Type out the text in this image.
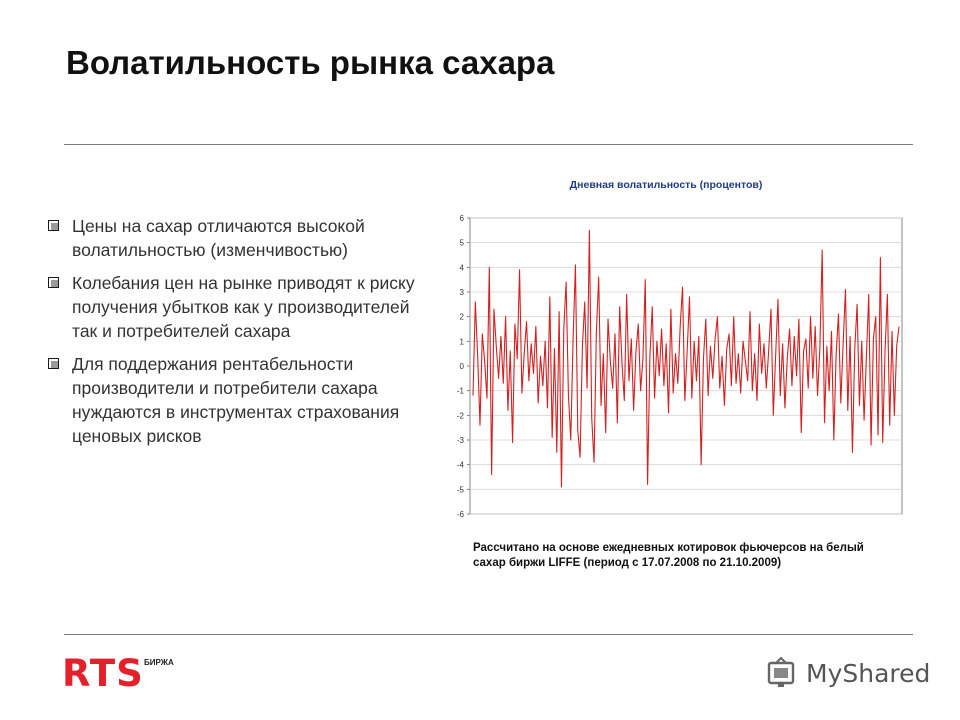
Волатильность рынка сахара
Цены на сахар отличаются высокой волатильностью (изменчивостью)
Колебания цен на рынке приводят к риску получения убытков как у производителей так и потребителей сахара
Для поддержания рентабельности производители и потребители сахара нуждаются в инструментах страхования ценовых рисков
Дневная волатильность (процентов)
6
5
4
3
2
1
0
-1
-2
-3
-4
-5
-6
Рассчитано на основе ежедневных котировок фьючерсов на белый сахар биржи LIFFE (период с 17.07.2008 по 21.10.2009)
RTS БИРЖА	MyShared
